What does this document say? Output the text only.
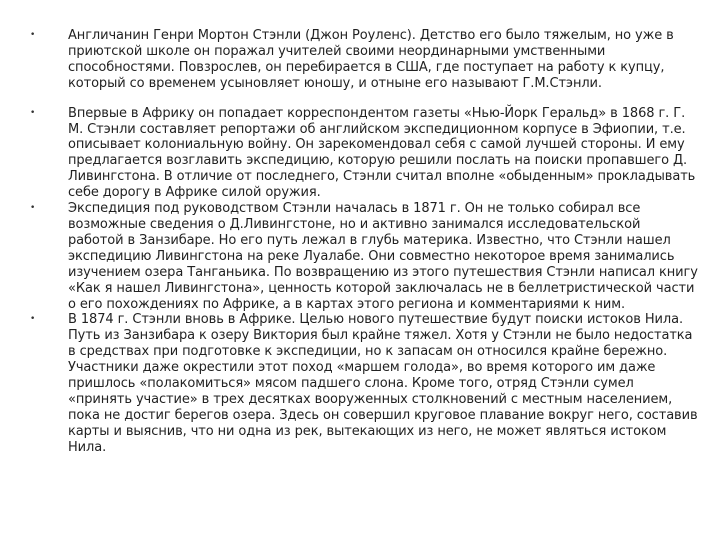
•	Англичанин Генри Мортон Стэнли (Джон Роуленс). Детство его было тяжелым, но уже в приютской школе он поражал учителей своими неординарными умственными способностями. Повзрослев, он перебирается в США, где поступает на работу к купцу, который со временем усыновляет юношу, и отныне его называют Г.М.Стэнли.
•	Впервые в Африку он попадает корреспондентом газеты «Нью-Йорк Геральд» в 1868 г. Г. М. Стэнли составляет репортажи об английском экспедиционном корпусе в Эфиопии, т.е. описывает колониальную войну. Он зарекомендовал себя с самой лучшей стороны. И ему предлагается возглавить экспедицию, которую решили послать на поиски пропавшего Д. Ливингстона. В отличие от последнего, Стэнли считал вполне «обыденным» прокладывать себе дорогу в Африке силой оружия.
•	Экспедиция под руководством Стэнли началась в 1871 г. Он не только собирал все возможные сведения о Д.Ливингстоне, но и активно занимался исследовательской работой в Занзибаре. Но его путь лежал в глубь материка. Известно, что Стэнли нашел экспедицию Ливингстона на реке Луалабе. Они совместно некоторое время занимались изучением озера Танганьика. По возвращению из этого путешествия Стэнли написал книгу «Как я нашел Ливингстона», ценность которой заключалась не в беллетристической части о его похождениях по Африке, а в картах этого региона и комментариями к ним.
•	В 1874 г. Стэнли вновь в Африке. Целью нового путешествие будут поиски истоков Нила. Путь из Занзибара к озеру Виктория был крайне тяжел. Хотя у Стэнли не было недостатка в средствах при подготовке к экспедиции, но к запасам он относился крайне бережно. Участники даже окрестили этот поход «маршем голода», во время которого им даже пришлось «полакомиться» мясом падшего слона. Кроме того, отряд Стэнли сумел «принять участие» в трех десятках вооруженных столкновений с местным населением, пока не достиг берегов озера. Здесь он совершил круговое плавание вокруг него, составив карты и выяснив, что ни одна из рек, вытекающих из него, не может являться истоком Нила.
